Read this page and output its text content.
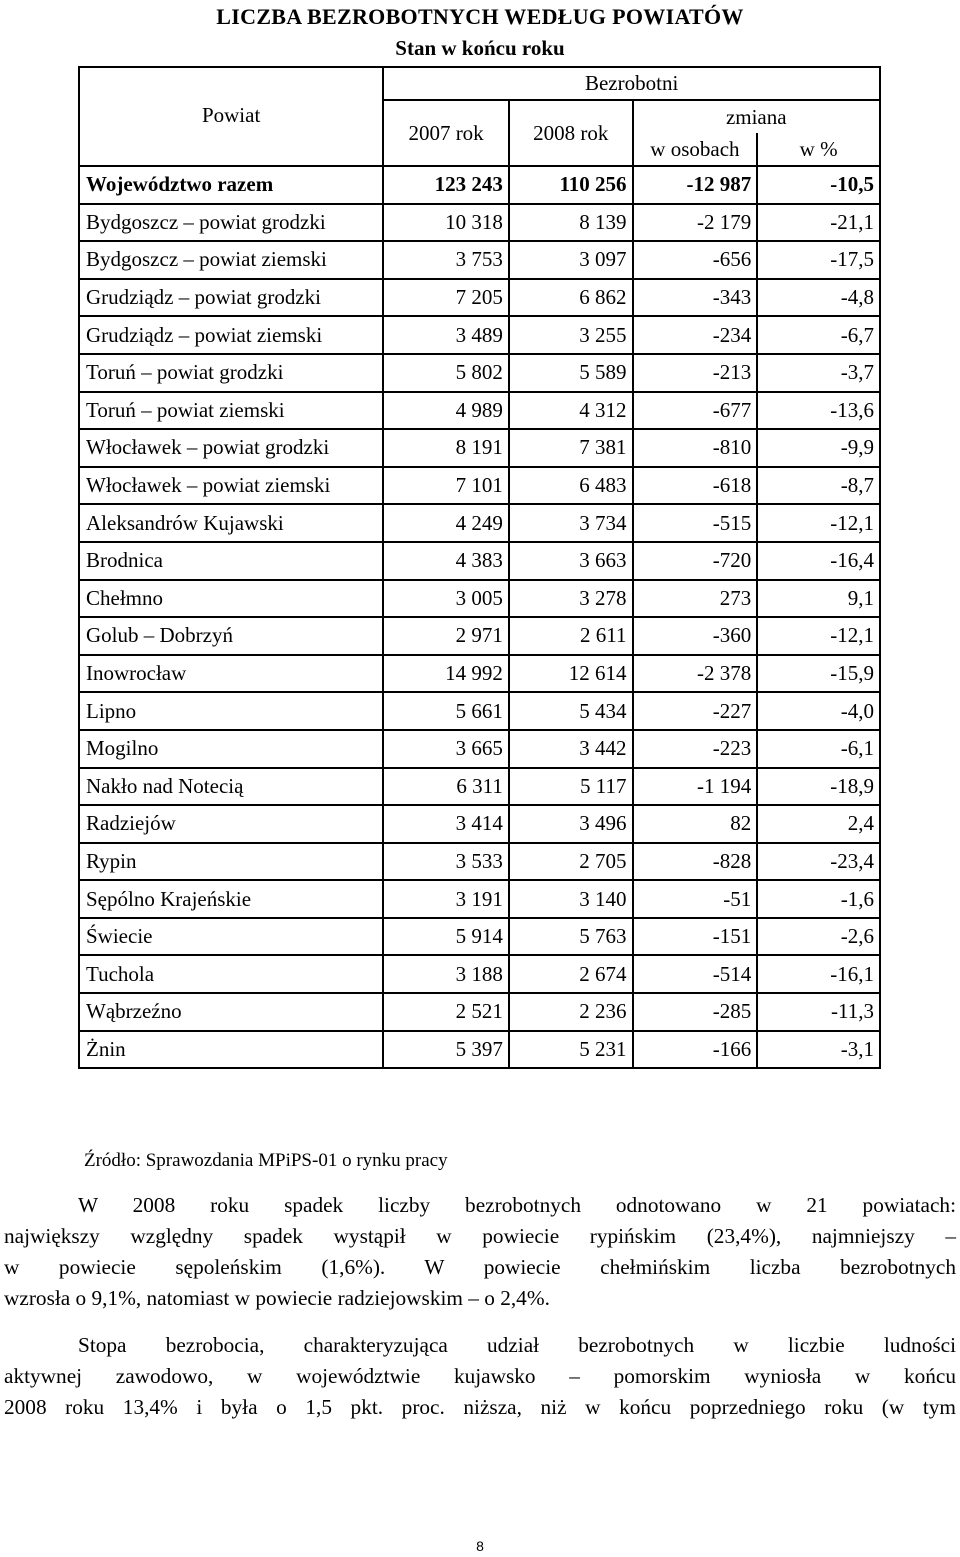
LICZBA BEZROBOTNYCH WEDŁUG POWIATÓW
Stan w końcu roku
Powiat	Bezrobotni			
	2007 rok	2008 rok	zmiana	
			w osobach	w %
Województwo razem	123 243	110 256	-12 987	-10,5
Bydgoszcz – powiat grodzki	10 318	8 139	-2 179	-21,1
Bydgoszcz – powiat ziemski	3 753	3 097	-656	-17,5
Grudziądz – powiat grodzki	7 205	6 862	-343	-4,8
Grudziądz – powiat ziemski	3 489	3 255	-234	-6,7
Toruń – powiat grodzki	5 802	5 589	-213	-3,7
Toruń – powiat ziemski	4 989	4 312	-677	-13,6
Włocławek – powiat grodzki	8 191	7 381	-810	-9,9
Włocławek – powiat ziemski	7 101	6 483	-618	-8,7
Aleksandrów Kujawski	4 249	3 734	-515	-12,1
Brodnica	4 383	3 663	-720	-16,4
Chełmno	3 005	3 278	273	9,1
Golub – Dobrzyń	2 971	2 611	-360	-12,1
Inowrocław	14 992	12 614	-2 378	-15,9
Lipno	5 661	5 434	-227	-4,0
Mogilno	3 665	3 442	-223	-6,1
Nakło nad Notecią	6 311	5 117	-1 194	-18,9
Radziejów	3 414	3 496	82	2,4
Rypin	3 533	2 705	-828	-23,4
Sępólno Krajeńskie	3 191	3 140	-51	-1,6
Świecie	5 914	5 763	-151	-2,6
Tuchola	3 188	2 674	-514	-16,1
Wąbrzeźno	2 521	2 236	-285	-11,3
Żnin	5 397	5 231	-166	-3,1
Źródło: Sprawozdania MPiPS-01 o rynku pracy
W 2008 roku spadek liczby bezrobotnych odnotowano w 21 powiatach:
największy względny spadek wystąpił w powiecie rypińskim (23,4%), najmniejszy –
w powiecie sępoleńskim (1,6%). W powiecie chełmińskim liczba bezrobotnych
wzrosła o 9,1%, natomiast w powiecie radziejowskim – o 2,4%.
Stopa bezrobocia, charakteryzująca udział bezrobotnych w liczbie ludności
aktywnej zawodowo, w województwie kujawsko – pomorskim wyniosła w końcu
2008 roku 13,4% i była o 1,5 pkt. proc. niższa, niż w końcu poprzedniego roku (w tym
8
